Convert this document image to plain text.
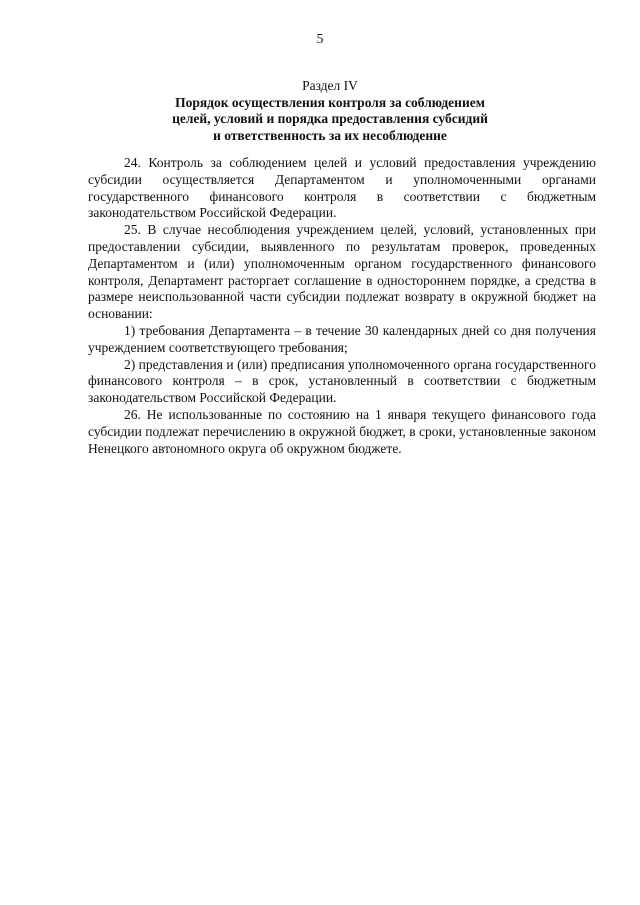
5
Раздел IV
Порядок осуществления контроля за соблюдением
целей, условий и порядка предоставления субсидий
и ответственность за их несоблюдение

24. Контроль за соблюдением целей и условий предоставления учреждению субсидии осуществляется Департаментом и уполномоченными органами государственного финансового контроля в соответствии с бюджетным законодательством Российской Федерации.

25. В случае несоблюдения учреждением целей, условий, установленных при предоставлении субсидии, выявленного по результатам проверок, проведенных Департаментом и (или) уполномоченным органом государственного финансового контроля, Департамент расторгает соглашение в одностороннем порядке, а средства в размере неиспользованной части субсидии подлежат возврату в окружной бюджет на основании:

1) требования Департамента – в течение 30 календарных дней со дня получения учреждением соответствующего требования;

2) представления и (или) предписания уполномоченного органа государственного финансового контроля – в срок, установленный в соответствии с бюджетным законодательством Российской Федерации.

26. Не использованные по состоянию на 1 января текущего финансового года субсидии подлежат перечислению в окружной бюджет, в сроки, установленные законом Ненецкого автономного округа об окружном бюджете.
